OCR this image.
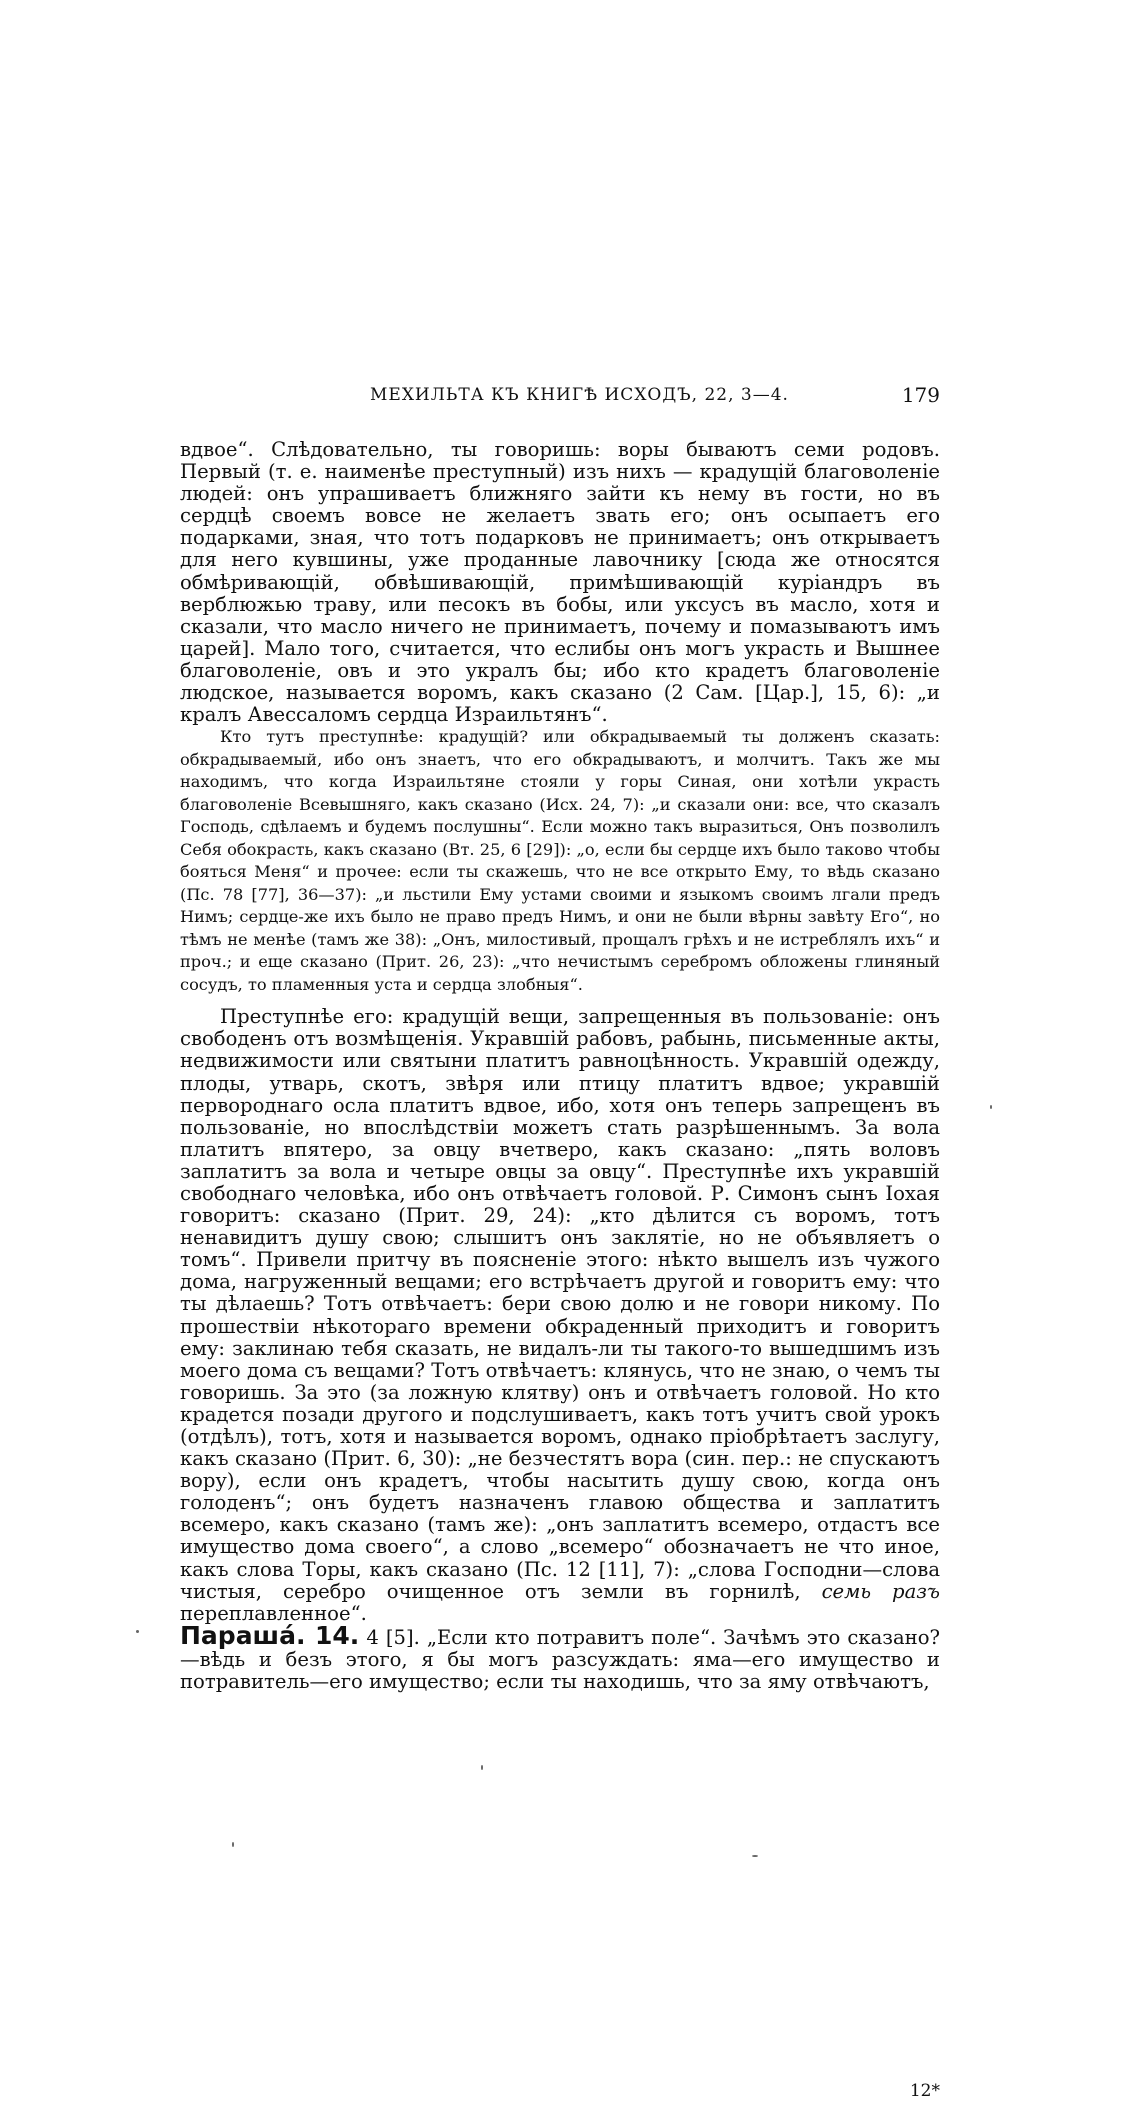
МЕХИЛЬТА КЪ КНИГѢ ИСХОДЪ, 22, 3—4.	179

вдвое“. Слѣдовательно, ты говоришь: воры бываютъ семи родовъ. Первый (т. е. наименѣе преступный) изъ нихъ — крадущій благоволеніе людей: онъ упрашиваетъ ближняго зайти къ нему въ гости, но въ сердцѣ своемъ вовсе не желаетъ звать его; онъ осыпаетъ его подарками, зная, что тотъ подарковъ не принимаетъ; онъ открываетъ для него кувшины, уже проданные лавочнику [сюда же относятся обмѣривающій, обвѣшивающій, примѣшивающій куріандръ въ верблюжью траву, или песокъ въ бобы, или уксусъ въ масло, хотя и сказали, что масло ничего не принимаетъ, почему и помазываютъ имъ царей]. Мало того, считается, что еслибы онъ могъ украсть и Вышнее благоволеніе, овъ и это укралъ бы; ибо кто крадетъ благоволеніе людское, называется воромъ, какъ сказано (2 Сам. [Цар.], 15, 6): „и кралъ Авессаломъ сердца Израильтянъ“.

Кто тутъ преступнѣе: крадущій? или обкрадываемый ты долженъ сказать: обкрадываемый, ибо онъ знаетъ, что его обкрадываютъ, и молчитъ. Такъ же мы находимъ, что когда Израильтяне стояли у горы Синая, они хотѣли украсть благоволеніе Всевышняго, какъ сказано (Исх. 24, 7): „и сказали они: все, что сказалъ Господь, сдѣлаемъ и будемъ послушны“. Если можно такъ выразиться, Онъ позволилъ Себя обокрасть, какъ сказано (Вт. 25, 6 [29]): „о, если бы сердце ихъ было таково чтобы бояться Меня“ и прочее: если ты скажешь, что не все открыто Ему, то вѣдь сказано (Пс. 78 [77], 36—37): „и льстили Ему устами своими и языкомъ своимъ лгали предъ Нимъ; сердце-же ихъ было не право предъ Нимъ, и они не были вѣрны завѣту Его“, но тѣмъ не менѣе (тамъ же 38): „Онъ, милостивый, прощалъ грѣхъ и не истреблялъ ихъ“ и проч.; и еще сказано (Прит. 26, 23): „что нечистымъ серебромъ обложены глиняный сосудъ, то пламенныя уста и сердца злобныя“.

Преступнѣе его: крадущій вещи, запрещенныя въ пользованіе: онъ свободенъ отъ возмѣщенія. Укравшій рабовъ, рабынь, письменные акты, недвижимости или святыни платитъ равноцѣнность. Укравшій одежду, плоды, утварь, скотъ, звѣря или птицу платитъ вдвое; укравшій первороднаго осла платитъ вдвое, ибо, хотя онъ теперь запрещенъ въ пользованіе, но впослѣдствіи можетъ стать разрѣшеннымъ. За вола платитъ впятеро, за овцу вчетверо, какъ сказано: „пять воловъ заплатитъ за вола и четыре овцы за овцу“. Преступнѣе ихъ укравшій свободнаго человѣка, ибо онъ отвѣчаетъ головой. Р. Симонъ сынъ Іохая говоритъ: сказано (Прит. 29, 24): „кто дѣлится съ воромъ, тотъ ненавидитъ душу свою; слышитъ онъ заклятіе, но не объявляетъ о томъ“. Привели притчу въ поясненіе этого: нѣкто вышелъ изъ чужого дома, нагруженный вещами; его встрѣчаетъ другой и говоритъ ему: что ты дѣлаешь? Тотъ отвѣчаетъ: бери свою долю и не говори никому. По прошествіи нѣкотораго времени обкраденный приходитъ и говоритъ ему: заклинаю тебя сказать, не видалъ-ли ты такого-то вышедшимъ изъ моего дома съ вещами? Тотъ отвѣчаетъ: клянусь, что не знаю, о чемъ ты говоришь. За это (за ложную клятву) онъ и отвѣчаетъ головой. Но кто крадется позади другого и подслушиваетъ, какъ тотъ учитъ свой урокъ (отдѣлъ), тотъ, хотя и называется воромъ, однако пріобрѣтаетъ заслугу, какъ сказано (Прит. 6, 30): „не безчестятъ вора (син. пер.: не спускаютъ вору), если онъ крадетъ, чтобы насытить душу свою, когда онъ голоденъ“; онъ будетъ назначенъ главою общества и заплатитъ всемеро, какъ сказано (тамъ же): „онъ заплатитъ всемеро, отдастъ все имущество дома своего“, а слово „всемеро“ обозначаетъ не что иное, какъ слова Торы, какъ сказано (Пс. 12 [11], 7): „слова Господни—слова чистыя, серебро очищенное отъ земли въ горнилѣ, семь разъ переплавленное“.

Парашá. 14. 4 [5]. „Если кто потравитъ поле“. Зачѣмъ это сказано?—вѣдь и безъ этого, я бы могъ разсуждать: яма—его имущество и потравитель—его имущество; если ты находишь, что за яму отвѣчаютъ,

12*
